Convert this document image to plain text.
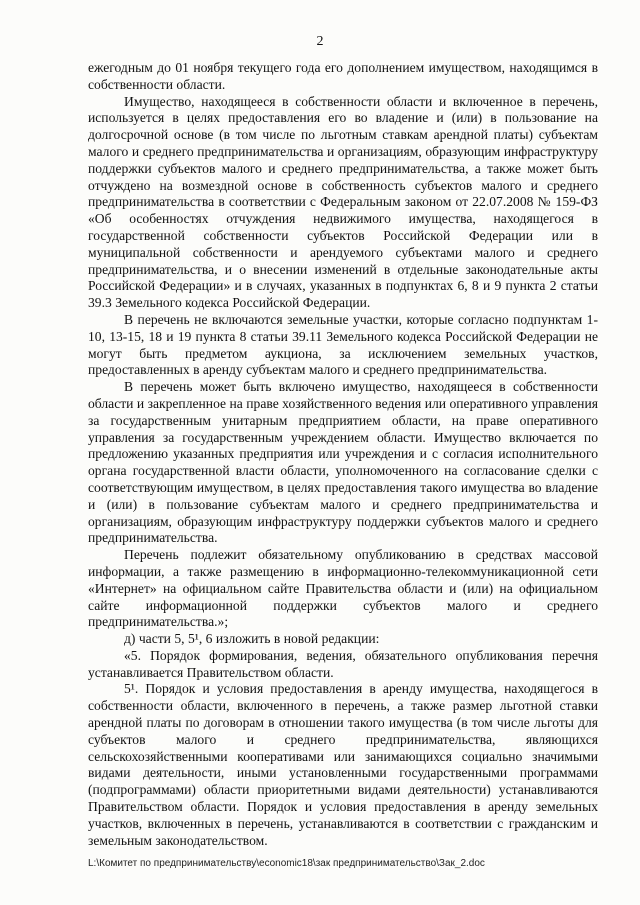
2

ежегодным до 01 ноября текущего года его дополнением имуществом, находящимся в собственности области.

Имущество, находящееся в собственности области и включенное в перечень, используется в целях предоставления его во владение и (или) в пользование на долгосрочной основе (в том числе по льготным ставкам арендной платы) субъектам малого и среднего предпринимательства и организациям, образующим инфраструктуру поддержки субъектов малого и среднего предпринимательства, а также может быть отчуждено на возмездной основе в собственность субъектов малого и среднего предпринимательства в соответствии с Федеральным законом от 22.07.2008 № 159-ФЗ «Об особенностях отчуждения недвижимого имущества, находящегося в государственной собственности субъектов Российской Федерации или в муниципальной собственности и арендуемого субъектами малого и среднего предпринимательства, и о внесении изменений в отдельные законодательные акты Российской Федерации» и в случаях, указанных в подпунктах 6, 8 и 9 пункта 2 статьи 39.3 Земельного кодекса Российской Федерации.

В перечень не включаются земельные участки, которые согласно подпунктам 1-10, 13-15, 18 и 19 пункта 8 статьи 39.11 Земельного кодекса Российской Федерации не могут быть предметом аукциона, за исключением земельных участков, предоставленных в аренду субъектам малого и среднего предпринимательства.

В перечень может быть включено имущество, находящееся в собственности области и закрепленное на праве хозяйственного ведения или оперативного управления за государственным унитарным предприятием области, на праве оперативного управления за государственным учреждением области. Имущество включается по предложению указанных предприятия или учреждения и с согласия исполнительного органа государственной власти области, уполномоченного на согласование сделки с соответствующим имуществом, в целях предоставления такого имущества во владение и (или) в пользование субъектам малого и среднего предпринимательства и организациям, образующим инфраструктуру поддержки субъектов малого и среднего предпринимательства.

Перечень подлежит обязательному опубликованию в средствах массовой информации, а также размещению в информационно-телекоммуникационной сети «Интернет» на официальном сайте Правительства области и (или) на официальном сайте информационной поддержки субъектов малого и среднего предпринимательства.»;

д) части 5, 5¹, 6 изложить в новой редакции:

«5. Порядок формирования, ведения, обязательного опубликования перечня устанавливается Правительством области.

5¹. Порядок и условия предоставления в аренду имущества, находящегося в собственности области, включенного в перечень, а также размер льготной ставки арендной платы по договорам в отношении такого имущества (в том числе льготы для субъектов малого и среднего предпринимательства, являющихся сельскохозяйственными кооперативами или занимающихся социально значимыми видами деятельности, иными установленными государственными программами (подпрограммами) области приоритетными видами деятельности) устанавливаются Правительством области. Порядок и условия предоставления в аренду земельных участков, включенных в перечень, устанавливаются в соответствии с гражданским и земельным законодательством.

L:\Комитет по предпринимательству\economic18\зак предпринимательство\Зак_2.doc
